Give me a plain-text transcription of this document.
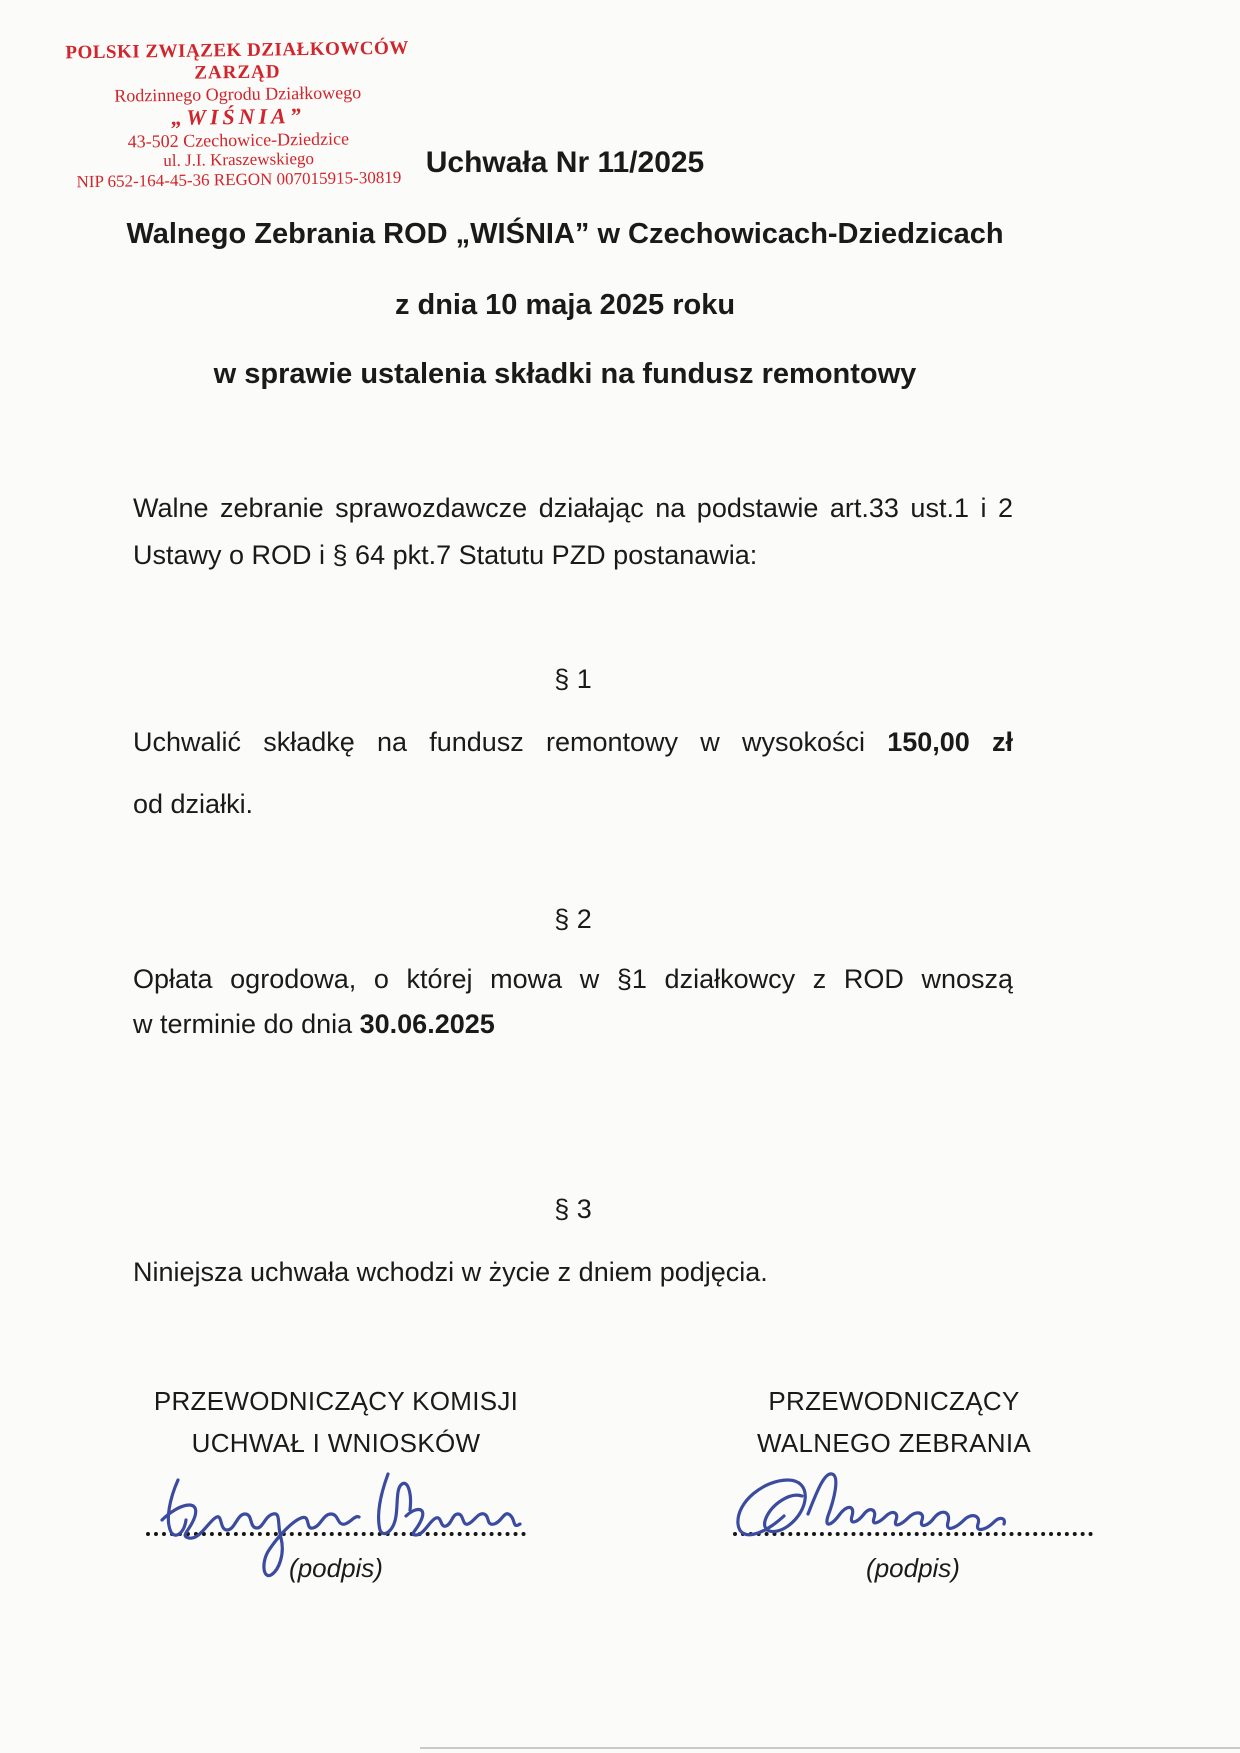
POLSKI ZWIĄZEK DZIAŁKOWCÓW
ZARZĄD
Rodzinnego Ogrodu Działkowego
„WIŚNIA”
43-502 Czechowice-Dziedzice
ul. J.I. Kraszewskiego
NIP 652-164-45-36 REGON 007015915-30819
Uchwała Nr 11/2025
Walnego Zebrania ROD „WIŚNIA” w Czechowicach-Dziedzicach
z dnia 10 maja 2025 roku
w sprawie ustalenia składki na fundusz remontowy
Walne zebranie sprawozdawcze działając na podstawie art.33 ust.1 i 2
Ustawy o ROD i § 64 pkt.7 Statutu PZD postanawia:
§ 1
Uchwalić składkę na fundusz remontowy w wysokości 150,00 zł
od działki.
§ 2
Opłata ogrodowa, o której mowa w §1 działkowcy z ROD wnoszą
w terminie do dnia 30.06.2025
§ 3
Niniejsza uchwała wchodzi w życie z dniem podjęcia.
PRZEWODNICZĄCY KOMISJI
UCHWAŁ I WNIOSKÓW
(podpis)
PRZEWODNICZĄCY
WALNEGO ZEBRANIA
(podpis)
